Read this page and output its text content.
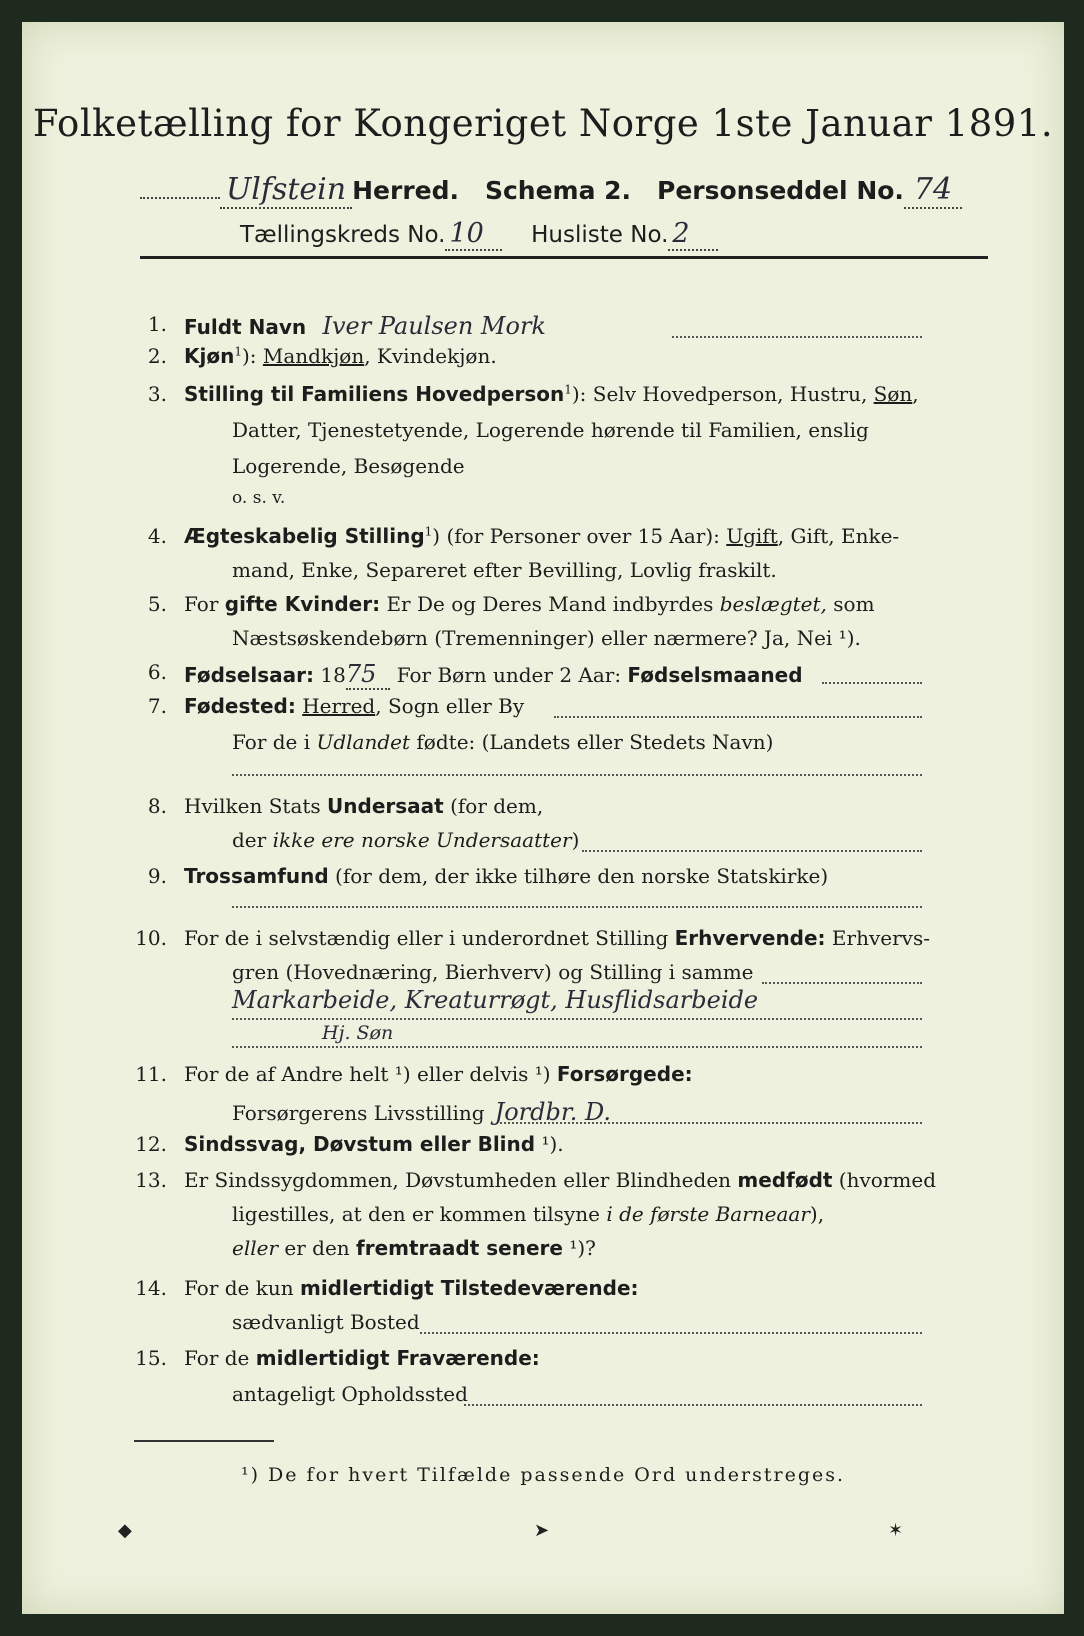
Folketælling for Kongeriget Norge 1ste Januar 1891.
Ulfstein Herred. Schema 2. Personseddel No. 74
Tællingskreds No. 10 Husliste No. 2
1. Fuldt Navn Iver Paulsen Mork
2. Kjøn$^1$): Mandkjøn, Kvindekjøn.
3. Stilling til Familiens Hovedperson$^1$): Selv Hovedperson, Hustru, Søn,
Datter, Tjenestetyende, Logerende hørende til Familien, enslig
Logerende, Besøgende
o. s. v.
4. Ægteskabelig Stilling$^1$) (for Personer over 15 Aar): Ugift, Gift, Enke-
mand, Enke, Separeret efter Bevilling, Lovlig fraskilt.
5. For gifte Kvinder: Er De og Deres Mand indbyrdes beslægtet, som
Næstsøskendebørn (Tremenninger) eller nærmere? Ja, Nei ¹).
6. Fødselsaar: 1875 For Børn under 2 Aar: Fødselsmaaned
7. Fødested: Herred, Sogn eller By
For de i Udlandet fødte: (Landets eller Stedets Navn)
8. Hvilken Stats Undersaat (for dem,
der ikke ere norske Undersaatter)
9. Trossamfund (for dem, der ikke tilhøre den norske Statskirke)
10. For de i selvstændig eller i underordnet Stilling Erhvervende: Erhvervs-
gren (Hovednæring, Bierhverv) og Stilling i samme
Markarbeide, Kreaturrøgt, Husflidsarbeide
Hj. Søn
11. For de af Andre helt ¹) eller delvis ¹) Forsørgede:
Forsørgerens Livsstilling Jordbr. D.
12. Sindssvag, Døvstum eller Blind ¹).
13. Er Sindssygdommen, Døvstumheden eller Blindheden medfødt (hvormed
ligestilles, at den er kommen tilsyne i de første Barneaar),
eller er den fremtraadt senere ¹)?
14. For de kun midlertidigt Tilstedeværende:
sædvanligt Bosted
15. For de midlertidigt Fraværende:
antageligt Opholdssted
¹) De for hvert Tilfælde passende Ord understreges.
◆	➤	✶
